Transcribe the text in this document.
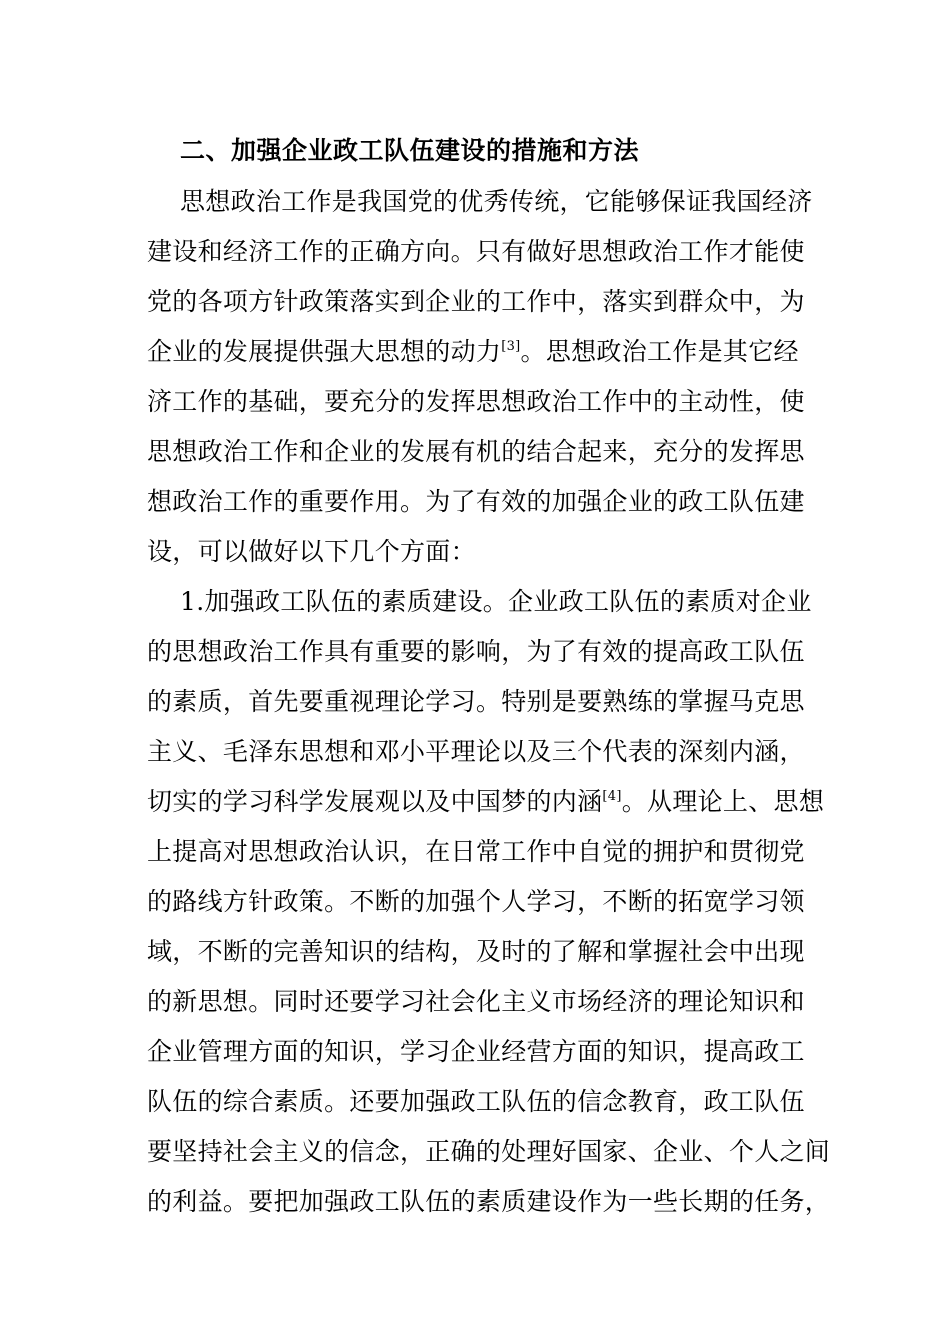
二、加强企业政工队伍建设的措施和方法
思想政治工作是我国党的优秀传统，它能够保证我国经济
建设和经济工作的正确方向。只有做好思想政治工作才能使
党的各项方针政策落实到企业的工作中，落实到群众中，为
企业的发展提供强大思想的动力[3]。思想政治工作是其它经
济工作的基础，要充分的发挥思想政治工作中的主动性，使
思想政治工作和企业的发展有机的结合起来，充分的发挥思
想政治工作的重要作用。为了有效的加强企业的政工队伍建
设，可以做好以下几个方面：
1.加强政工队伍的素质建设。企业政工队伍的素质对企业
的思想政治工作具有重要的影响，为了有效的提高政工队伍
的素质，首先要重视理论学习。特别是要熟练的掌握马克思
主义、毛泽东思想和邓小平理论以及三个代表的深刻内涵，
切实的学习科学发展观以及中国梦的内涵[4]。从理论上、思想
上提高对思想政治认识，在日常工作中自觉的拥护和贯彻党
的路线方针政策。不断的加强个人学习，不断的拓宽学习领
域，不断的完善知识的结构，及时的了解和掌握社会中出现
的新思想。同时还要学习社会化主义市场经济的理论知识和
企业管理方面的知识，学习企业经营方面的知识，提高政工
队伍的综合素质。还要加强政工队伍的信念教育，政工队伍
要坚持社会主义的信念，正确的处理好国家、企业、个人之间
的利益。要把加强政工队伍的素质建设作为一些长期的任务，
